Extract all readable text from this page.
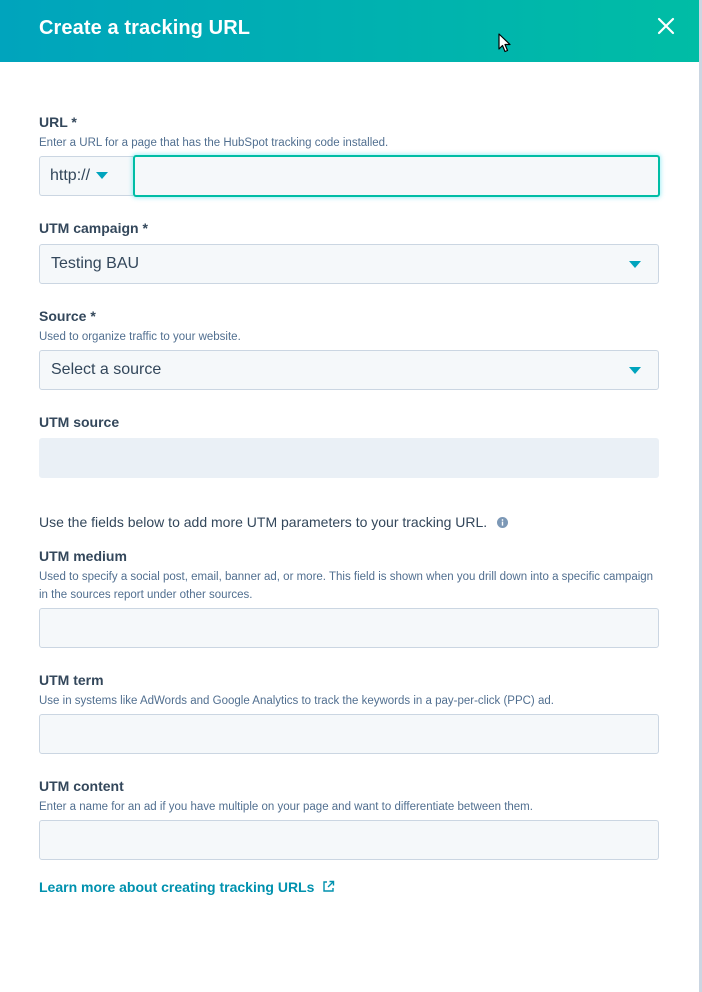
Create a tracking URL
URL *
Enter a URL for a page that has the HubSpot tracking code installed.
http://
UTM campaign *
Testing BAU
Source *
Used to organize traffic to your website.
Select a source
UTM source
Use the fields below to add more UTM parameters to your tracking URL.
UTM medium
Used to specify a social post, email, banner ad, or more. This field is shown when you drill down into a specific campaign in the sources report under other sources.
UTM term
Use in systems like AdWords and Google Analytics to track the keywords in a pay-per-click (PPC) ad.
UTM content
Enter a name for an ad if you have multiple on your page and want to differentiate between them.
Learn more about creating tracking URLs
